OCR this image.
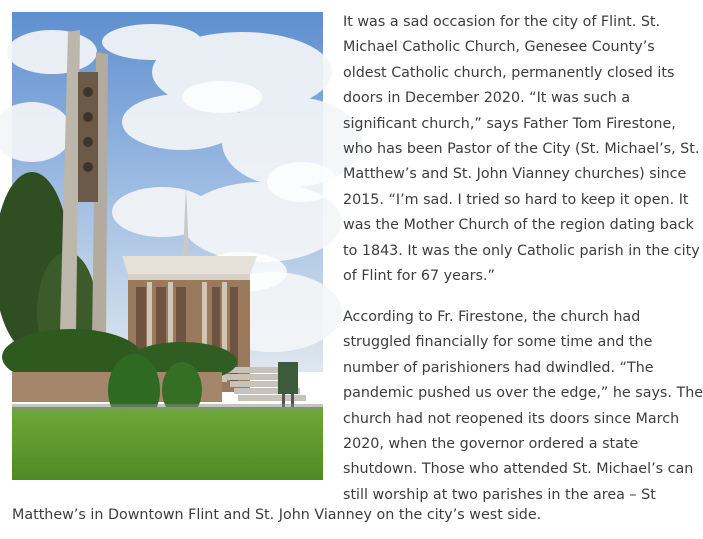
It was a sad occasion for the city of Flint. St.
Michael Catholic Church, Genesee County’s
oldest Catholic church, permanently closed its
doors in December 2020. “It was such a
significant church,” says Father Tom Firestone,
who has been Pastor of the City (St. Michael’s, St.
Matthew’s and St. John Vianney churches) since
2015. “I’m sad. I tried so hard to keep it open. It
was the Mother Church of the region dating back
to 1843. It was the only Catholic parish in the city
of Flint for 67 years.”
According to Fr. Firestone, the church had
struggled financially for some time and the
number of parishioners had dwindled. “The
pandemic pushed us over the edge,” he says. The
church had not reopened its doors since March
2020, when the governor ordered a state
shutdown. Those who attended St. Michael’s can
still worship at two parishes in the area – St
Matthew’s in Downtown Flint and St. John Vianney on the city’s west side.
